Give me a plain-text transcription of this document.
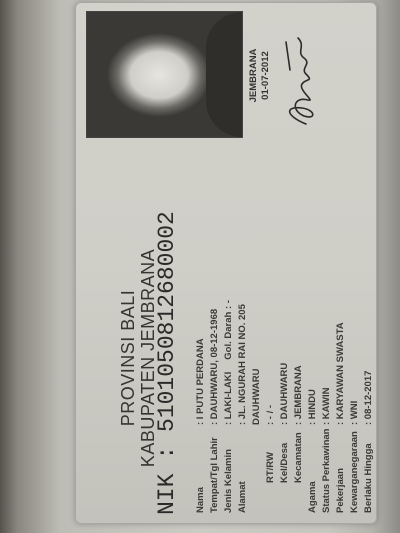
PROVINSI BALI KABUPATEN JEMBRANA
NIK: 5101050812680002
Nama
: I PUTU PERDANA
Tempat/Tgl Lahir
: DAUHWARU, 08-12-1968
Jenis Kelamin
: LAKI-LAKIGol. Darah : -
Alamat
: JL. NGURAH RAI NO. 205 DAUHWARU
RT/RW
: - / -
Kel/Desa
: DAUHWARU
Kecamatan
: JEMBRANA
Agama
: HINDU
Status Perkawinan
: KAWIN
Pekerjaan
: KARYAWAN SWASTA
Kewarganegaraan
: WNI
Berlaku Hingga
: 08-12-2017
JEMBRANA 01-07-2012
